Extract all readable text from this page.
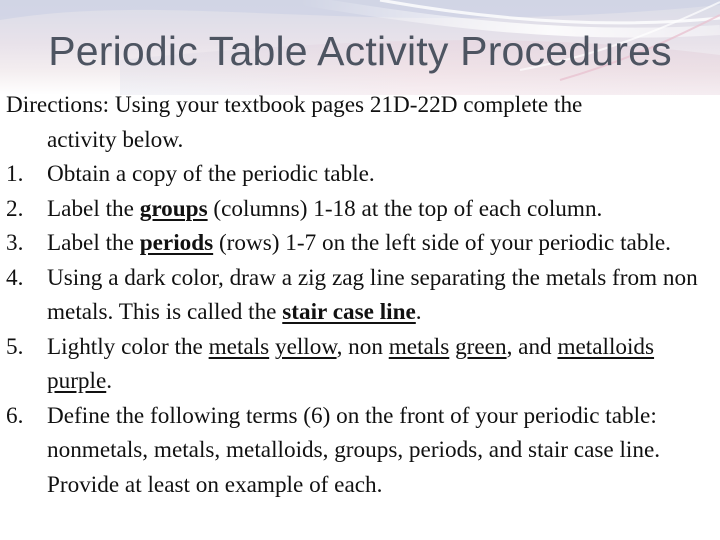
Periodic Table Activity Procedures

Directions: Using your textbook pages 21D-22D complete the
activity below.

1.	Obtain a copy of the periodic table.
2.	Label the groups (columns) 1-18 at the top of each column.
3.	Label the periods (rows) 1-7 on the left side of your periodic table.
4.	Using a dark color, draw a zig zag line separating the metals from non metals. This is called the stair case line.
5.	Lightly color the metals yellow, non metals green, and metalloids purple.
6.	Define the following terms (6) on the front of your periodic table: nonmetals, metals, metalloids, groups, periods, and stair case line. Provide at least on example of each.
